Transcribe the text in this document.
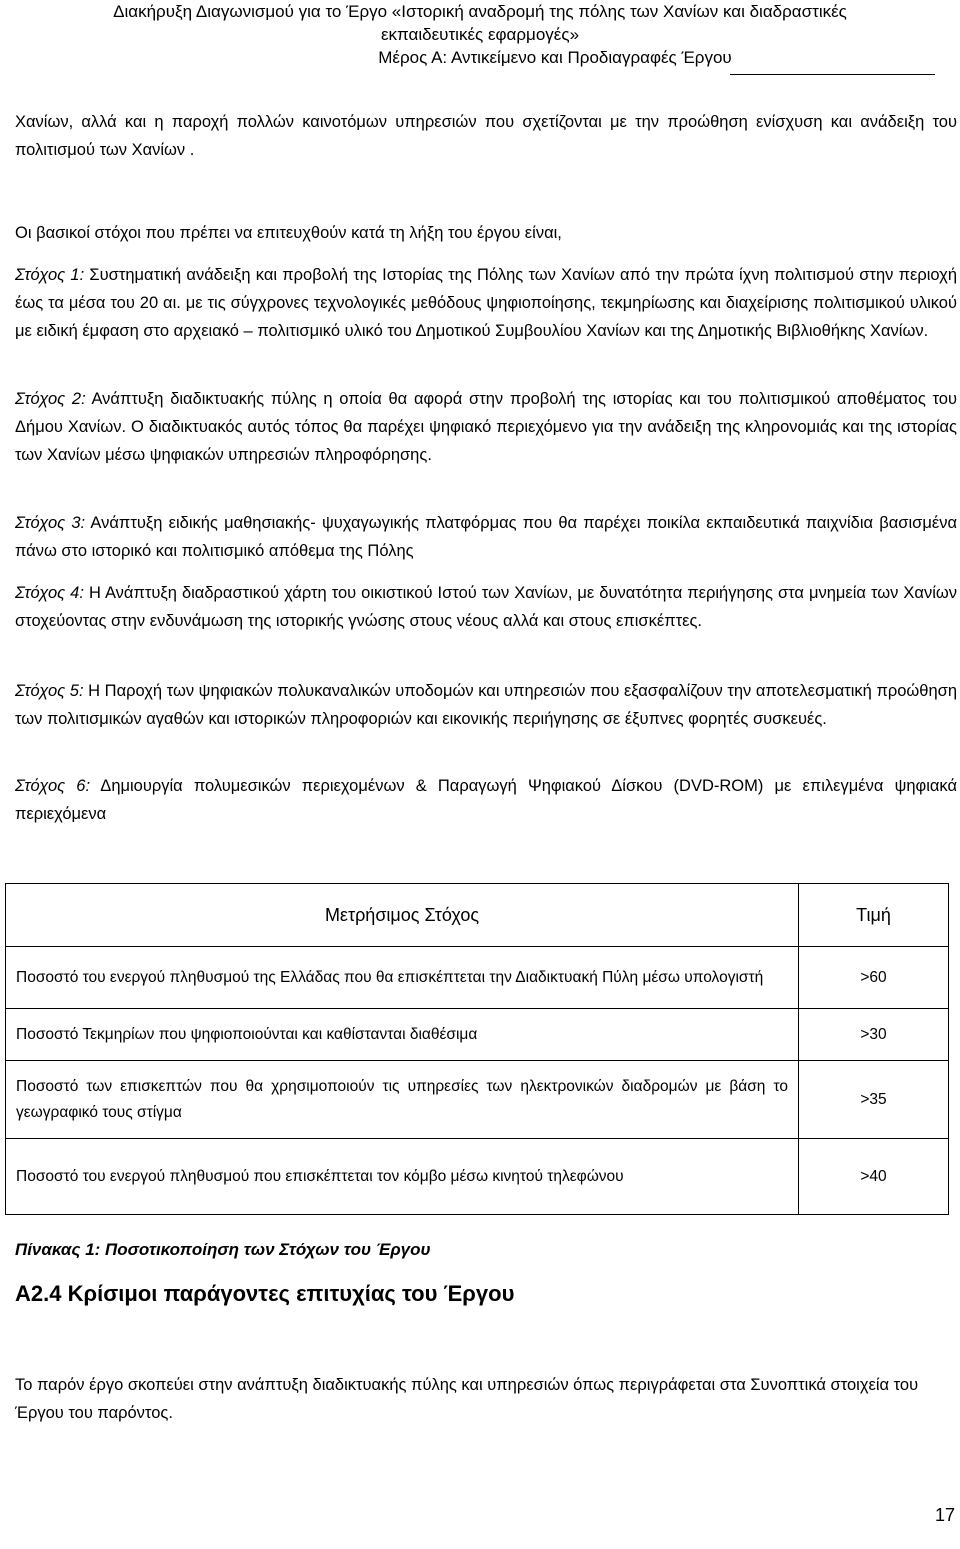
Διακήρυξη Διαγωνισμού για το Έργο «Ιστορική αναδρομή της πόλης των Χανίων και διαδραστικές
εκπαιδευτικές εφαρμογές»
Μέρος Α: Αντικείμενο και Προδιαγραφές Έργου
Χανίων, αλλά και η παροχή πολλών καινοτόμων υπηρεσιών που σχετίζονται με την προώθηση ενίσχυση και ανάδειξη του πολιτισμού των Χανίων .
Οι βασικοί στόχοι που πρέπει να επιτευχθούν κατά τη λήξη του έργου είναι,
Στόχος 1: Συστηματική ανάδειξη και προβολή της Ιστορίας της Πόλης των Χανίων από την πρώτα ίχνη πολιτισμού στην περιοχή έως τα μέσα του 20 αι. με τις σύγχρονες τεχνολογικές μεθόδους ψηφιοποίησης, τεκμηρίωσης και διαχείρισης πολιτισμικού υλικού με ειδική έμφαση στο αρχειακό – πολιτισμικό υλικό του Δημοτικού Συμβουλίου Χανίων και της Δημοτικής Βιβλιοθήκης Χανίων.
Στόχος 2: Ανάπτυξη διαδικτυακής πύλης η οποία θα αφορά στην προβολή της ιστορίας και του πολιτισμικού αποθέματος του Δήμου Χανίων. Ο διαδικτυακός αυτός τόπος θα παρέχει ψηφιακό περιεχόμενο για την ανάδειξη της κληρονομιάς και της ιστορίας των Χανίων μέσω ψηφιακών υπηρεσιών πληροφόρησης.
Στόχος 3: Ανάπτυξη ειδικής μαθησιακής- ψυχαγωγικής πλατφόρμας που θα παρέχει ποικίλα εκπαιδευτικά παιχνίδια βασισμένα πάνω στο ιστορικό και πολιτισμικό απόθεμα της Πόλης
Στόχος 4: Η Ανάπτυξη διαδραστικού χάρτη του οικιστικού Ιστού των Χανίων, με δυνατότητα περιήγησης στα μνημεία των Χανίων στοχεύοντας στην ενδυνάμωση της ιστορικής γνώσης στους νέους αλλά και στους επισκέπτες.
Στόχος 5: Η Παροχή των ψηφιακών πολυκαναλικών υποδομών και υπηρεσιών που εξασφαλίζουν την αποτελεσματική προώθηση των πολιτισμικών αγαθών και ιστορικών πληροφοριών και εικονικής περιήγησης σε έξυπνες φορητές συσκευές.
Στόχος 6: Δημιουργία πολυμεσικών περιεχομένων & Παραγωγή Ψηφιακού Δίσκου (DVD-ROM) με επιλεγμένα ψηφιακά περιεχόμενα
Μετρήσιμος Στόχος	Τιμή
Ποσοστό του ενεργού πληθυσμού της Ελλάδας που θα επισκέπτεται την Διαδικτυακή Πύλη μέσω υπολογιστή	>60
Ποσοστό Τεκμηρίων που ψηφιοποιούνται και καθίστανται διαθέσιμα	>30
Ποσοστό των επισκεπτών που θα χρησιμοποιούν τις υπηρεσίες των ηλεκτρονικών διαδρομών με βάση το γεωγραφικό τους στίγμα	>35
Ποσοστό του ενεργού πληθυσμού που επισκέπτεται τον κόμβο μέσω κινητού τηλεφώνου	>40
Πίνακας 1: Ποσοτικοποίηση των Στόχων του Έργου
Α2.4 Κρίσιμοι παράγοντες επιτυχίας του Έργου
Το παρόν έργο σκοπεύει στην ανάπτυξη διαδικτυακής πύλης και υπηρεσιών όπως περιγράφεται στα Συνοπτικά στοιχεία του Έργου του παρόντος.
17
